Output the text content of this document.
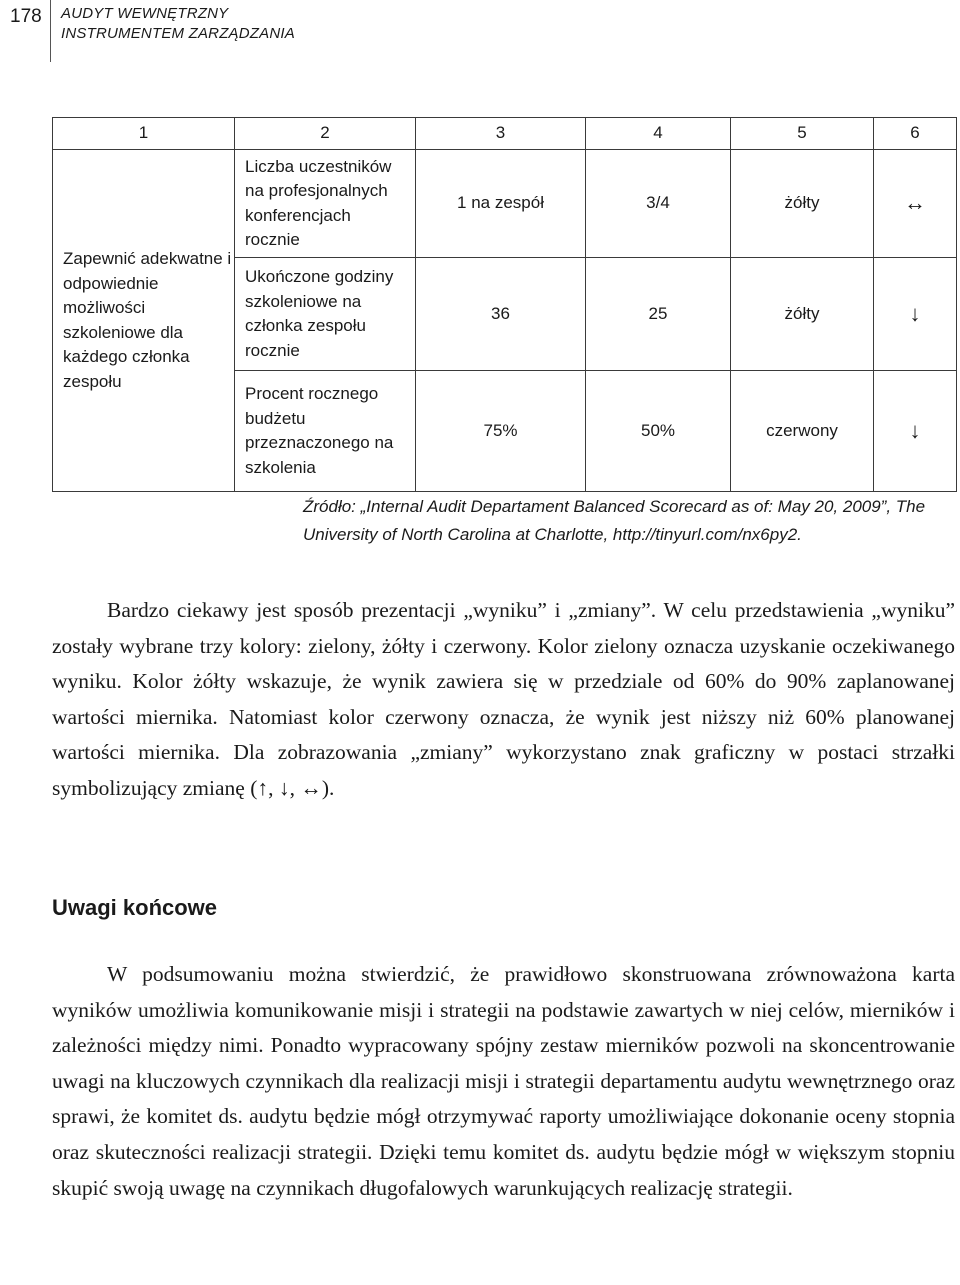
178 AUDYT WEWNĘTRZNY
INSTRUMENTEM ZARZĄDZANIA
1	2	3	4	5	6
Zapewnić adekwatne i odpowiednie możliwości szkoleniowe dla każdego członka zespołu	Liczba uczestników na profesjonalnych konferencjach rocznie	1 na zespół	3/4	żółty	↔
	Ukończone godziny szkoleniowe na członka zespołu rocznie	36	25	żółty	↓
	Procent rocznego budżetu przeznaczonego na szkolenia	75%	50%	czerwony	↓
Źródło: „Internal Audit Departament Balanced Scorecard as of: May 20, 2009”, The University of North Carolina at Charlotte, http://tinyurl.com/nx6py2.
Bardzo ciekawy jest sposób prezentacji „wyniku” i „zmiany”. W celu przedstawienia „wyniku” zostały wybrane trzy kolory: zielony, żółty i czerwony. Kolor zielony oznacza uzyskanie oczekiwanego wyniku. Kolor żółty wskazuje, że wynik zawiera się w przedziale od 60% do 90% zaplanowanej wartości miernika. Natomiast kolor czerwony oznacza, że wynik jest niższy niż 60% planowanej wartości miernika. Dla zobrazowania „zmiany” wykorzystano znak graficzny w postaci strzałki symbolizujący zmianę (↑, ↓, ↔).
Uwagi końcowe
W podsumowaniu można stwierdzić, że prawidłowo skonstruowana zrównoważona karta wyników umożliwia komunikowanie misji i strategii na podstawie zawartych w niej celów, mierników i zależności między nimi. Ponadto wypracowany spójny zestaw mierników pozwoli na skoncentrowanie uwagi na kluczowych czynnikach dla realizacji misji i strategii departamentu audytu wewnętrznego oraz sprawi, że komitet ds. audytu będzie mógł otrzymywać raporty umożliwiające dokonanie oceny stopnia oraz skuteczności realizacji strategii. Dzięki temu komitet ds. audytu będzie mógł w większym stopniu skupić swoją uwagę na czynnikach długofalowych warunkujących realizację strategii.
